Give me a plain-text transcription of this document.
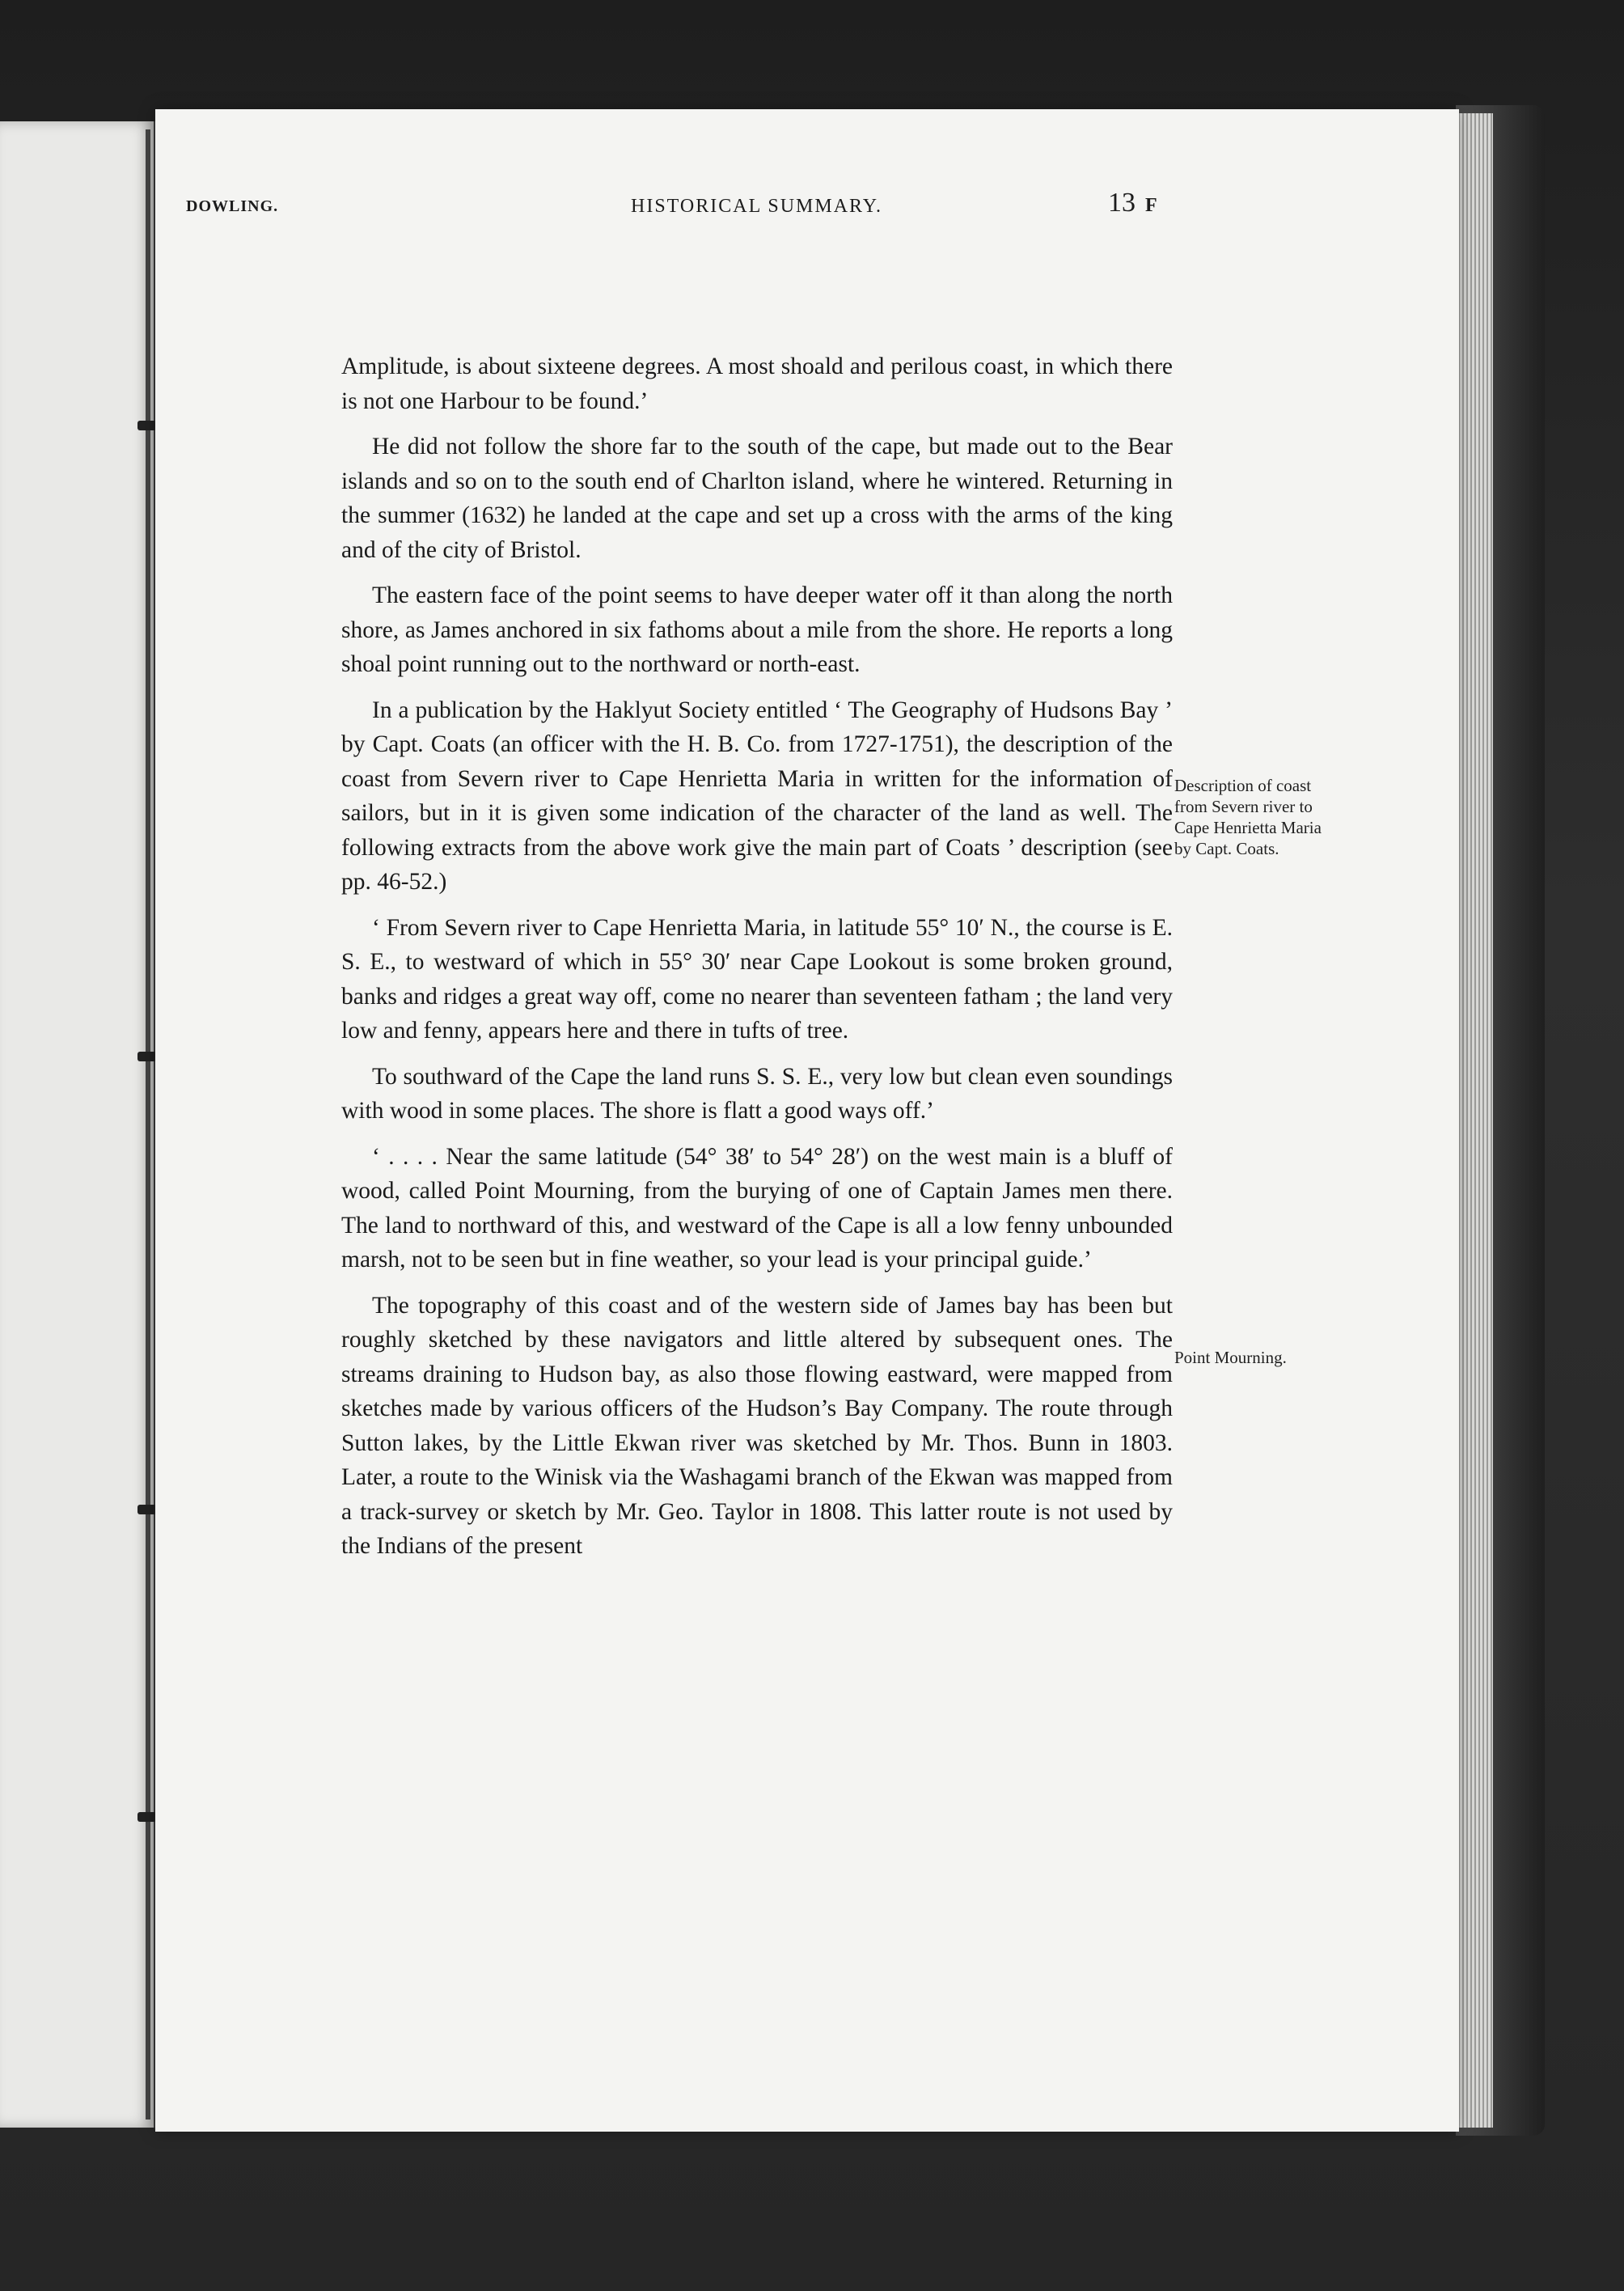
DOWLING.	HISTORICAL SUMMARY.	13 F

Amplitude, is about sixteene degrees. A most shoald and perilous coast, in which there is not one Harbour to be found.’

He did not follow the shore far to the south of the cape, but made out to the Bear islands and so on to the south end of Charlton island, where he wintered. Returning in the summer (1632) he landed at the cape and set up a cross with the arms of the king and of the city of Bristol.

The eastern face of the point seems to have deeper water off it than along the north shore, as James anchored in six fathoms about a mile from the shore. He reports a long shoal point running out to the northward or north-east.

In a publication by the Haklyut Society entitled ‘ The Geography of Hudsons Bay ’ by Capt. Coats (an officer with the H. B. Co. from 1727-1751), the description of the coast from Severn river to Cape Henrietta Maria in written for the information of sailors, but in it is given some indication of the character of the land as well. The following extracts from the above work give the main part of Coats ’ description (see pp. 46-52.)

‘ From Severn river to Cape Henrietta Maria, in latitude 55° 10′ N., the course is E. S. E., to westward of which in 55° 30′ near Cape Lookout is some broken ground, banks and ridges a great way off, come no nearer than seventeen fatham ; the land very low and fenny, appears here and there in tufts of tree.

To southward of the Cape the land runs S. S. E., very low but clean even soundings with wood in some places. The shore is flatt a good ways off.’

‘ . . . . Near the same latitude (54° 38′ to 54° 28′) on the west main is a bluff of wood, called Point Mourning, from the burying of one of Captain James men there. The land to northward of this, and westward of the Cape is all a low fenny unbounded marsh, not to be seen but in fine weather, so your lead is your principal guide.’

The topography of this coast and of the western side of James bay has been but roughly sketched by these navigators and little altered by subsequent ones. The streams draining to Hudson bay, as also those flowing eastward, were mapped from sketches made by various officers of the Hudson’s Bay Company. The route through Sutton lakes, by the Little Ekwan river was sketched by Mr. Thos. Bunn in 1803. Later, a route to the Winisk via the Washagami branch of the Ekwan was mapped from a track-survey or sketch by Mr. Geo. Taylor in 1808. This latter route is not used by the Indians of the present

Description of coast from Severn river to Cape Henrietta Maria by Capt. Coats.
Point Mourning.
